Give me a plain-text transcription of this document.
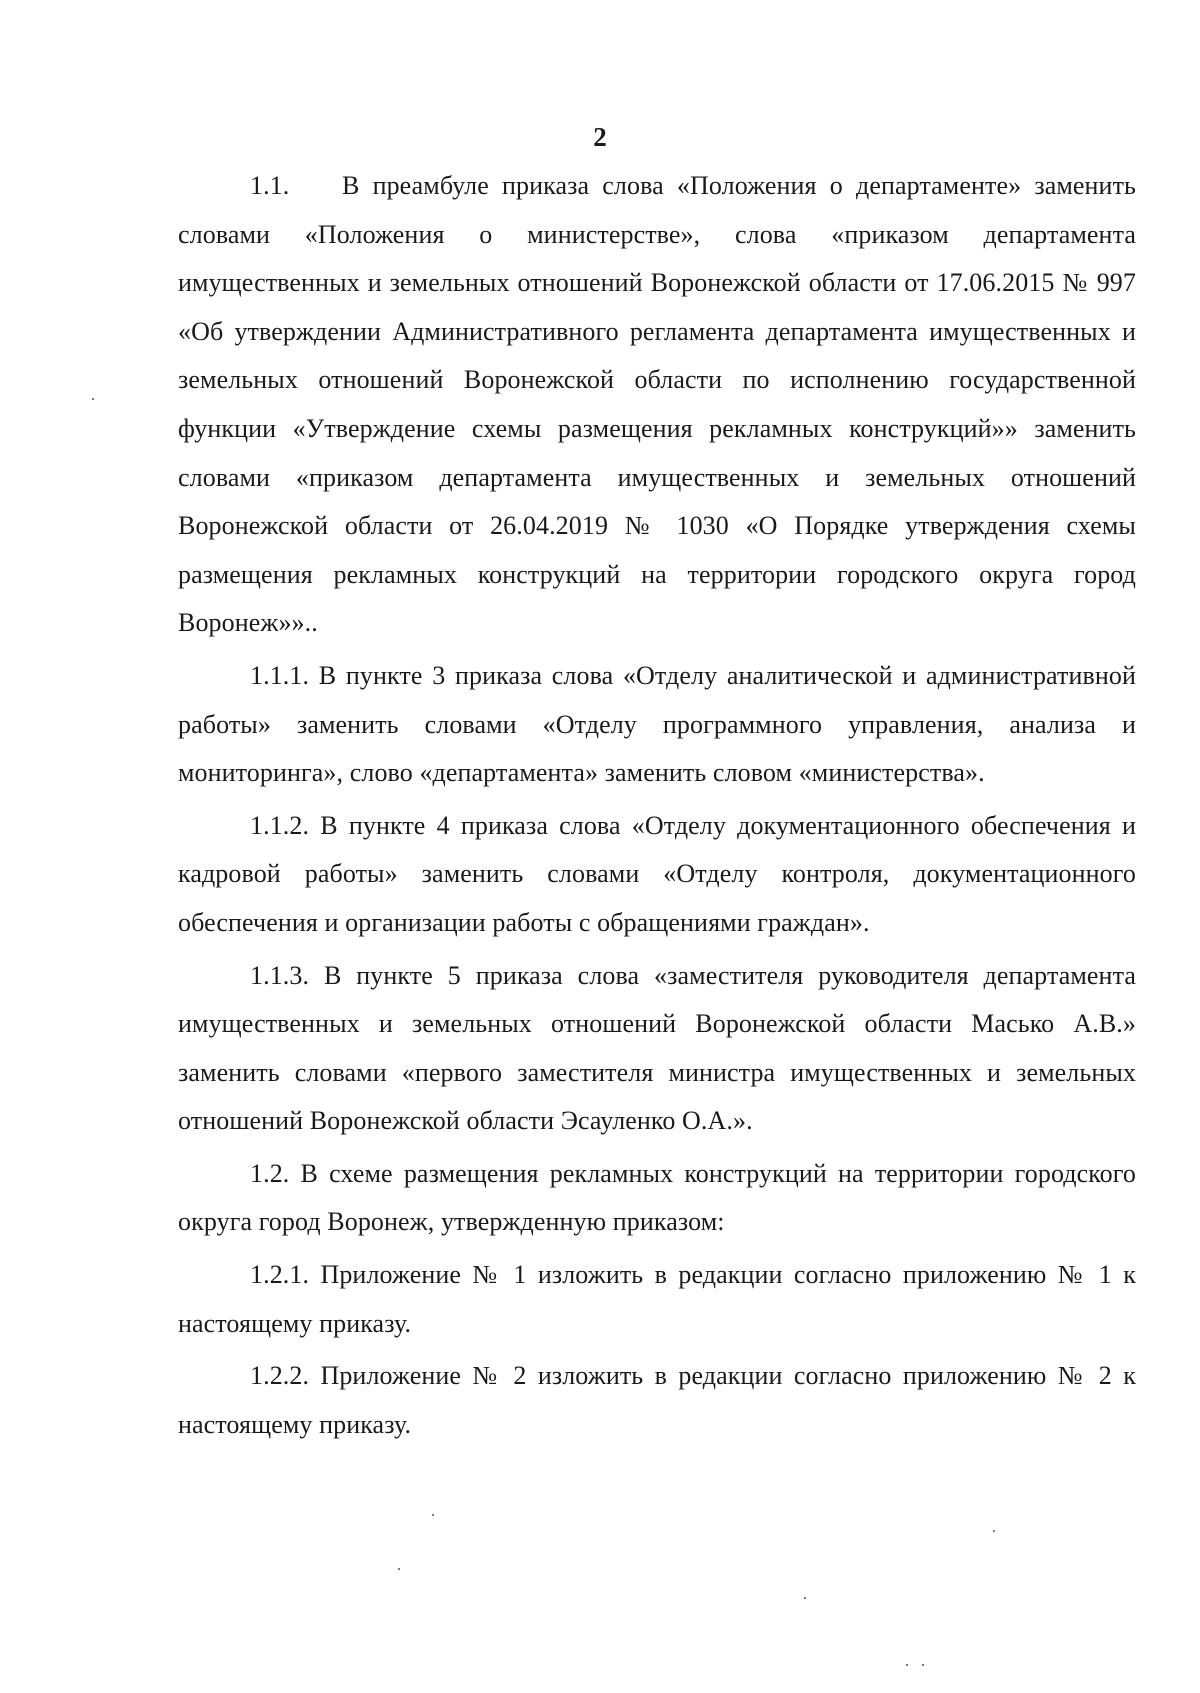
2

1.1.    В преамбуле приказа слова «Положения о департаменте» заменить словами «Положения о министерстве», слова «приказом департамента имущественных и земельных отношений Воронежской области от 17.06.2015 № 997 «Об утверждении Административного регламента департамента имущественных и земельных отношений Воронежской области по исполнению государственной функции «Утверждение схемы размещения рекламных конструкций»» заменить словами «приказом департамента имущественных и земельных отношений Воронежской области от 26.04.2019 № 1030 «О Порядке утверждения схемы размещения рекламных конструкций на территории городского округа город Воронеж»»..

1.1.1. В пункте 3 приказа слова «Отделу аналитической и административной работы» заменить словами «Отделу программного управления, анализа и мониторинга», слово «департамента» заменить словом «министерства».

1.1.2. В пункте 4 приказа слова «Отделу документационного обеспечения и кадровой работы» заменить словами «Отделу контроля, документационного обеспечения и организации работы с обращениями граждан».

1.1.3. В пункте 5 приказа слова «заместителя руководителя департамента имущественных и земельных отношений Воронежской области Масько А.В.» заменить словами «первого заместителя министра имущественных и земельных отношений Воронежской области Эсауленко О.А.».

1.2. В схеме размещения рекламных конструкций на территории городского округа город Воронеж, утвержденную приказом:

1.2.1. Приложение № 1 изложить в редакции согласно приложению № 1 к настоящему приказу.

1.2.2. Приложение № 2 изложить в редакции согласно приложению № 2 к настоящему приказу.
